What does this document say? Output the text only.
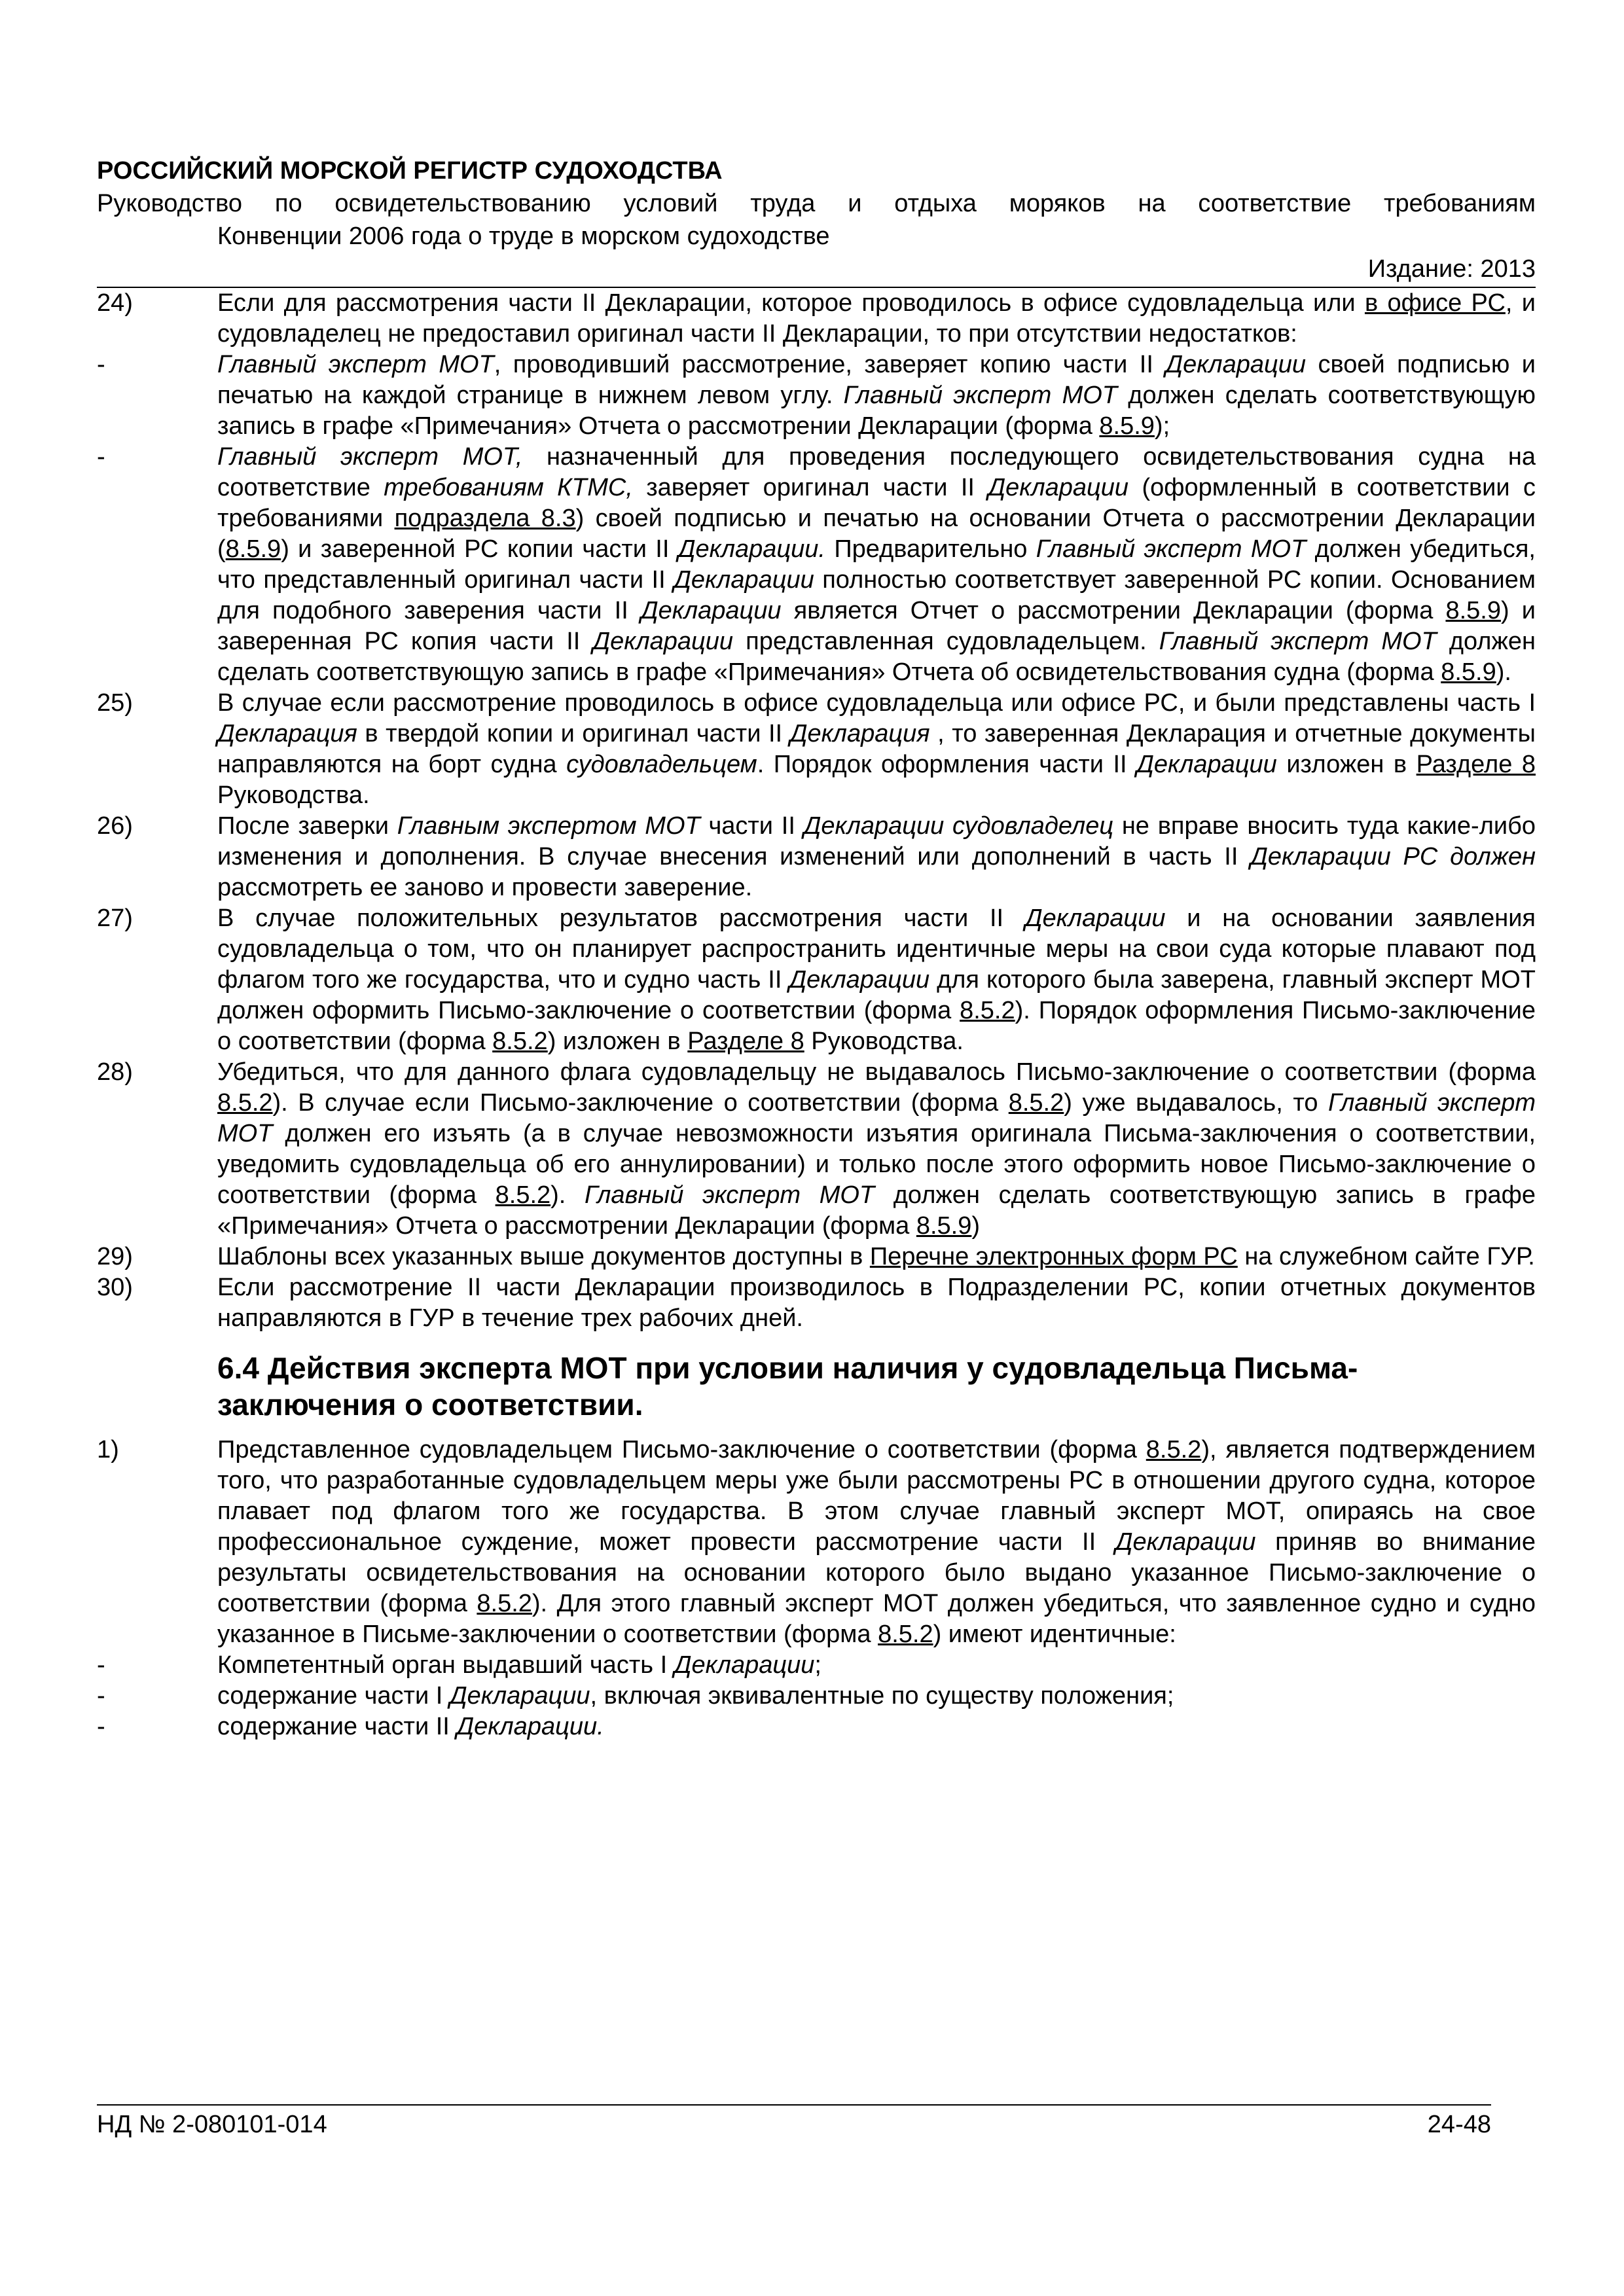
РОССИЙСКИЙ МОРСКОЙ РЕГИСТР СУДОХОДСТВА
Руководство по освидетельствованию условий труда и отдыха моряков на соответствие требованиям
Конвенции 2006 года о труде в морском судоходстве
Издание: 2013
24)	Если для рассмотрения части II Декларации, которое проводилось в офисе судовладельца или в офисе РС, и судовладелец не предоставил оригинал части II Декларации, то при отсутствии недостатков:
-	Главный эксперт МОТ, проводивший рассмотрение, заверяет копию части II Декларации своей подписью и печатью на каждой странице в нижнем левом углу. Главный эксперт МОТ должен сделать соответствующую запись в графе «Примечания» Отчета о рассмотрении Декларации (форма 8.5.9);
-	Главный эксперт МОТ, назначенный для проведения последующего освидетельствования судна на соответствие требованиям КТМС, заверяет оригинал части II Декларации (оформленный в соответствии с требованиями подраздела 8.3) своей подписью и печатью на основании Отчета о рассмотрении Декларации (8.5.9) и заверенной РС копии части II Декларации. Предварительно Главный эксперт МОТ должен убедиться, что представленный оригинал части II Декларации полностью соответствует заверенной РС копии. Основанием для подобного заверения части II Декларации является Отчет о рассмотрении Декларации (форма 8.5.9) и заверенная РС копия части II Декларации представленная судовладельцем. Главный эксперт МОТ должен сделать соответствующую запись в графе «Примечания» Отчета об освидетельствования судна (форма 8.5.9).
25)	В случае если рассмотрение проводилось в офисе судовладельца или офисе РС, и были представлены часть I Декларация в твердой копии и оригинал части II Декларация , то заверенная Декларация и отчетные документы направляются на борт судна судовладельцем. Порядок оформления части II Декларации изложен в Разделе 8 Руководства.
26)	После заверки Главным экспертом МОТ части II Декларации судовладелец не вправе вносить туда какие-либо изменения и дополнения. В случае внесения изменений или дополнений в часть II Декларации РС должен рассмотреть ее заново и провести заверение.
27)	В случае положительных результатов рассмотрения части II Декларации и на основании заявления судовладельца о том, что он планирует распространить идентичные меры на свои суда которые плавают под флагом того же государства, что и судно часть II Декларации для которого была заверена, главный эксперт МОТ должен оформить Письмо-заключение о соответствии (форма 8.5.2). Порядок оформления Письмо-заключение о соответствии (форма 8.5.2) изложен в Разделе 8 Руководства.
28)	Убедиться, что для данного флага судовладельцу не выдавалось Письмо-заключение о соответствии (форма 8.5.2). В случае если Письмо-заключение о соответствии (форма 8.5.2) уже выдавалось, то Главный эксперт МОТ должен его изъять (а в случае невозможности изъятия оригинала Письма-заключения о соответствии, уведомить судовладельца об его аннулировании) и только после этого оформить новое Письмо-заключение о соответствии (форма 8.5.2). Главный эксперт МОТ должен сделать соответствующую запись в графе «Примечания» Отчета о рассмотрении Декларации (форма 8.5.9)
29)	Шаблоны всех указанных выше документов доступны в Перечне электронных форм РС на служебном сайте ГУР.
30)	Если рассмотрение II части Декларации производилось в Подразделении РС, копии отчетных документов направляются в ГУР в течение трех рабочих дней.
6.4 Действия эксперта МОТ при условии наличия у судовладельца Письма-заключения о соответствии.
1)	Представленное судовладельцем Письмо-заключение о соответствии (форма 8.5.2), является подтверждением того, что разработанные судовладельцем меры уже были рассмотрены РС в отношении другого судна, которое плавает под флагом того же государства. В этом случае главный эксперт МОТ, опираясь на свое профессиональное суждение, может провести рассмотрение части II Декларации приняв во внимание результаты освидетельствования на основании которого было выдано указанное Письмо-заключение о соответствии (форма 8.5.2). Для этого главный эксперт МОТ должен убедиться, что заявленное судно и судно указанное в Письме-заключении о соответствии (форма 8.5.2) имеют идентичные:
-	Компетентный орган выдавший часть I Декларации;
-	содержание части I Декларации, включая эквивалентные по существу положения;
-	содержание части II Декларации.
НД № 2-080101-014	24-48
